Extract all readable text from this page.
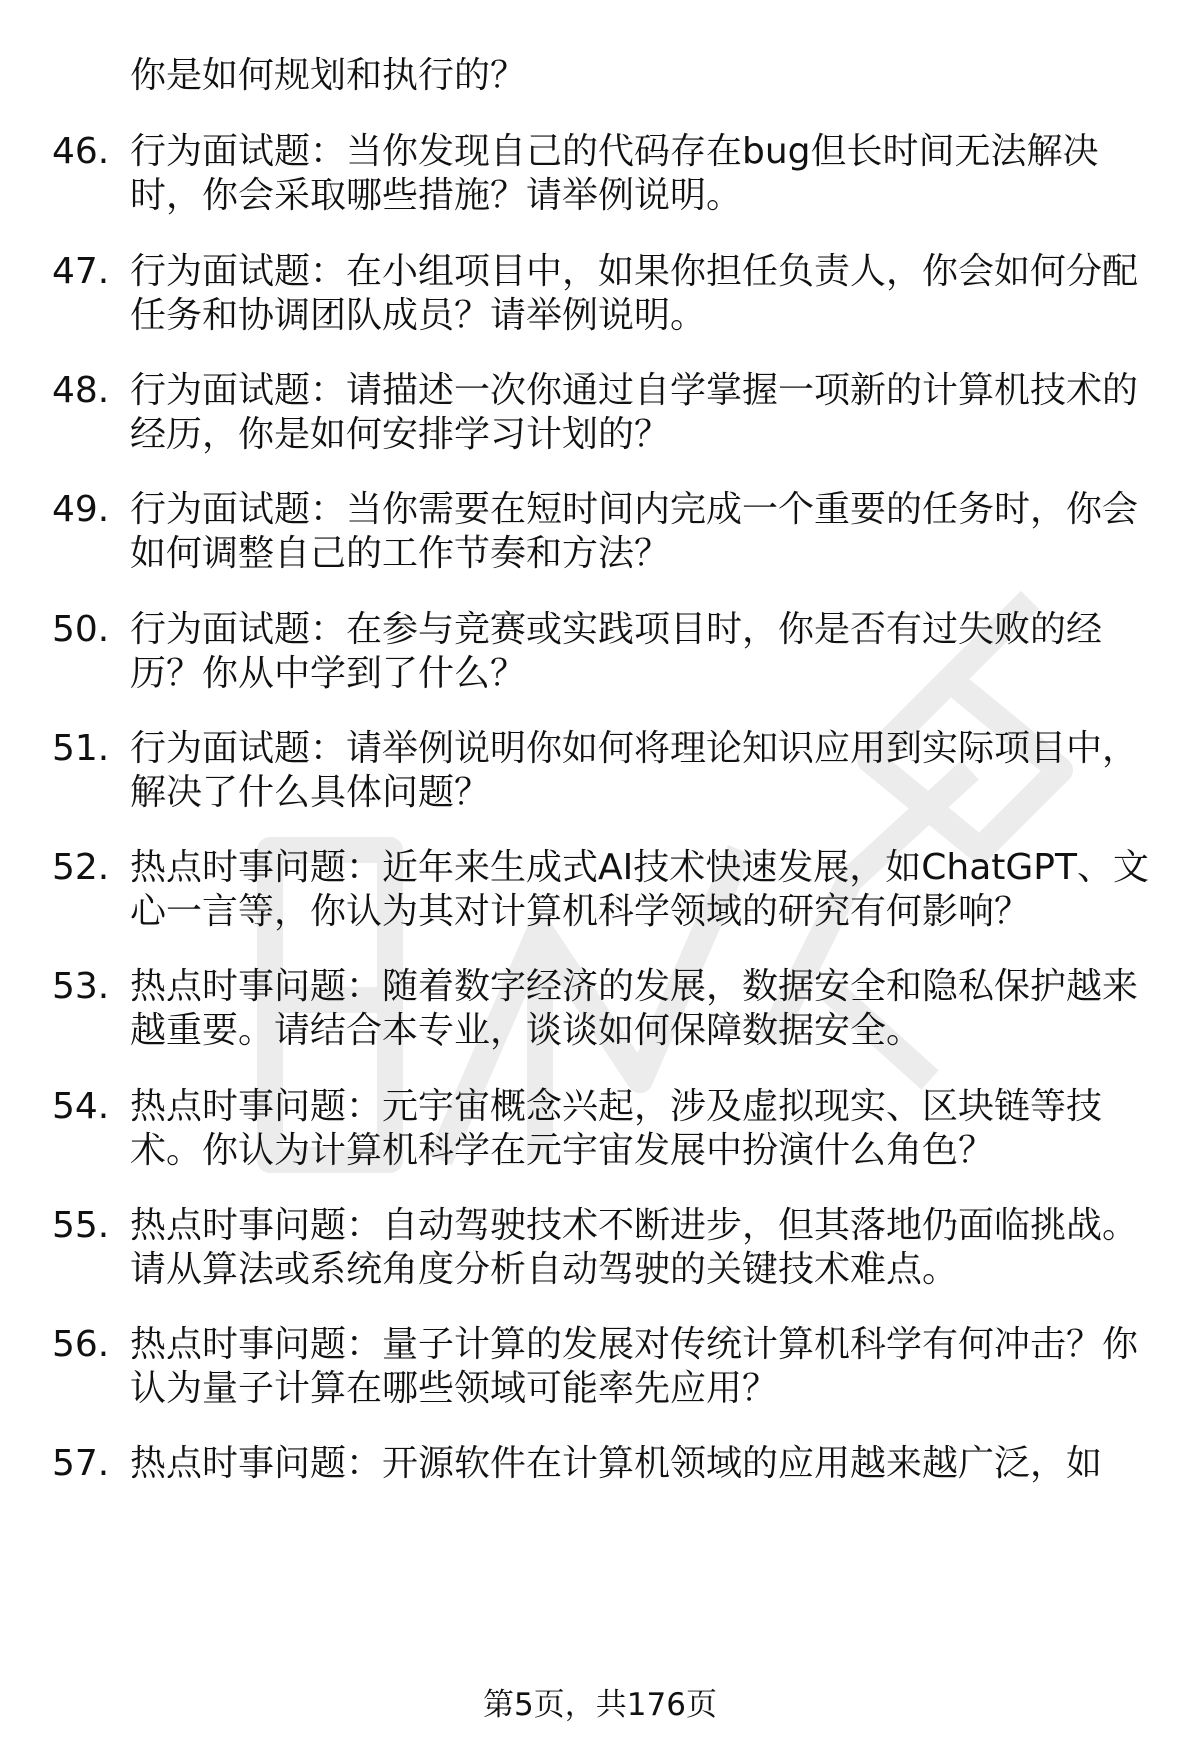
你是如何规划和执行的？
46. 行为面试题：当你发现自己的代码存在bug但长时间无法解决
时，你会采取哪些措施？请举例说明。
47. 行为面试题：在小组项目中，如果你担任负责人，你会如何分配
任务和协调团队成员？请举例说明。
48. 行为面试题：请描述一次你通过自学掌握一项新的计算机技术的
经历，你是如何安排学习计划的？
49. 行为面试题：当你需要在短时间内完成一个重要的任务时，你会
如何调整自己的工作节奏和方法？
50. 行为面试题：在参与竞赛或实践项目时，你是否有过失败的经
历？你从中学到了什么？
51. 行为面试题：请举例说明你如何将理论知识应用到实际项目中，
解决了什么具体问题？
52. 热点时事问题：近年来生成式AI技术快速发展，如ChatGPT、文
心一言等，你认为其对计算机科学领域的研究有何影响？
53. 热点时事问题：随着数字经济的发展，数据安全和隐私保护越来
越重要。请结合本专业，谈谈如何保障数据安全。
54. 热点时事问题：元宇宙概念兴起，涉及虚拟现实、区块链等技
术。你认为计算机科学在元宇宙发展中扮演什么角色？
55. 热点时事问题：自动驾驶技术不断进步，但其落地仍面临挑战。
请从算法或系统角度分析自动驾驶的关键技术难点。
56. 热点时事问题：量子计算的发展对传统计算机科学有何冲击？你
认为量子计算在哪些领域可能率先应用？
57. 热点时事问题：开源软件在计算机领域的应用越来越广泛，如
第5页，共176页
